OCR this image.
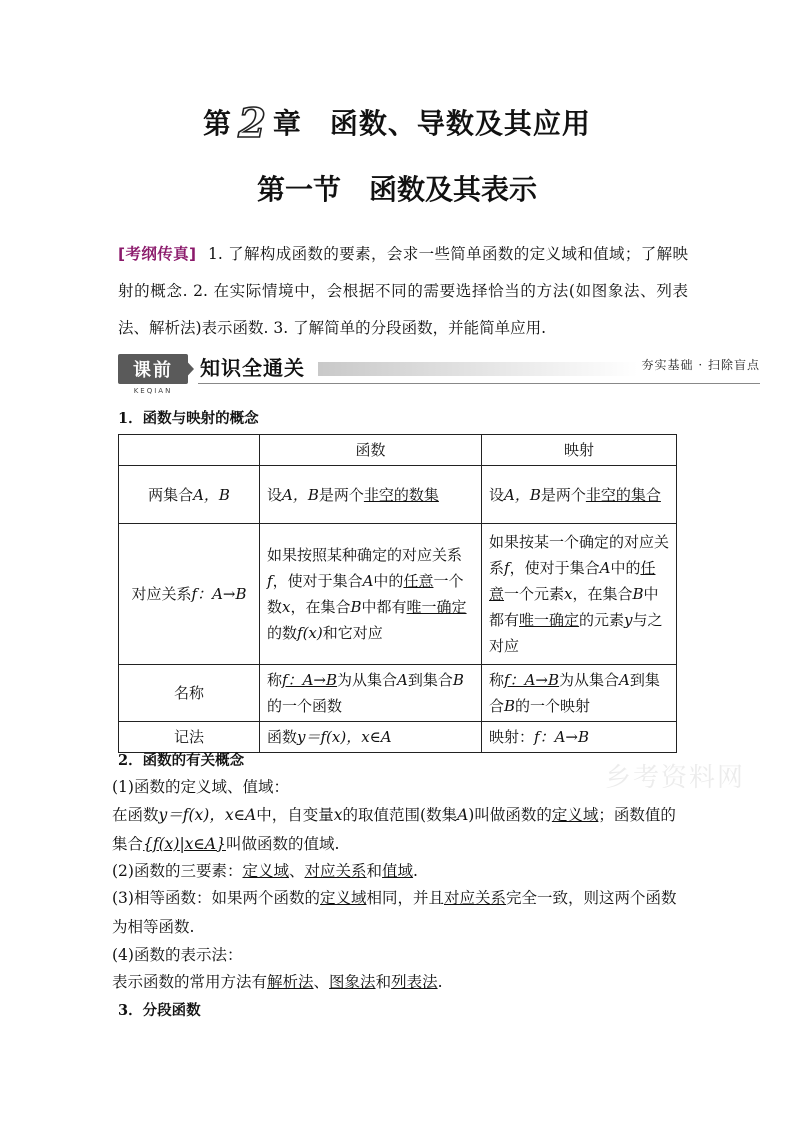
第 2 章 函数、导数及其应用
第一节 函数及其表示
[考纲传真] 1. 了解构成函数的要素，会求一些简单函数的定义域和值域；了解映射的概念. 2. 在实际情境中，会根据不同的需要选择恰当的方法(如图象法、列表法、解析法)表示函数. 3. 了解简单的分段函数，并能简单应用.
课前
KEQIAN
知识全通关	夯实基础 · 扫除盲点
1．函数与映射的概念
	函数	映射
两集合A，B	设A，B是两个非空的数集	设A，B是两个非空的集合
对应关系f：A→B	如果按照某种确定的对应关系f，使对于集合A中的任意一个数x，在集合B中都有唯一确定的数f(x)和它对应	如果按某一个确定的对应关系f，使对于集合A中的任意一个元素x，在集合B中都有唯一确定的元素y与之对应
名称	称f：A→B为从集合A到集合B的一个函数	称f：A→B为从集合A到集合B的一个映射
记法	函数y＝f(x)，x∈A	映射：f：A→B
2．函数的有关概念
乡考资料网
(1)函数的定义域、值域：
在函数y＝f(x)，x∈A中，自变量x的取值范围(数集A)叫做函数的定义域；函数值的集合{f(x)|x∈A}叫做函数的值域.
(2)函数的三要素：定义域、对应关系和值域.
(3)相等函数：如果两个函数的定义域相同，并且对应关系完全一致，则这两个函数为相等函数.
(4)函数的表示法：
表示函数的常用方法有解析法、图象法和列表法.
3．分段函数
